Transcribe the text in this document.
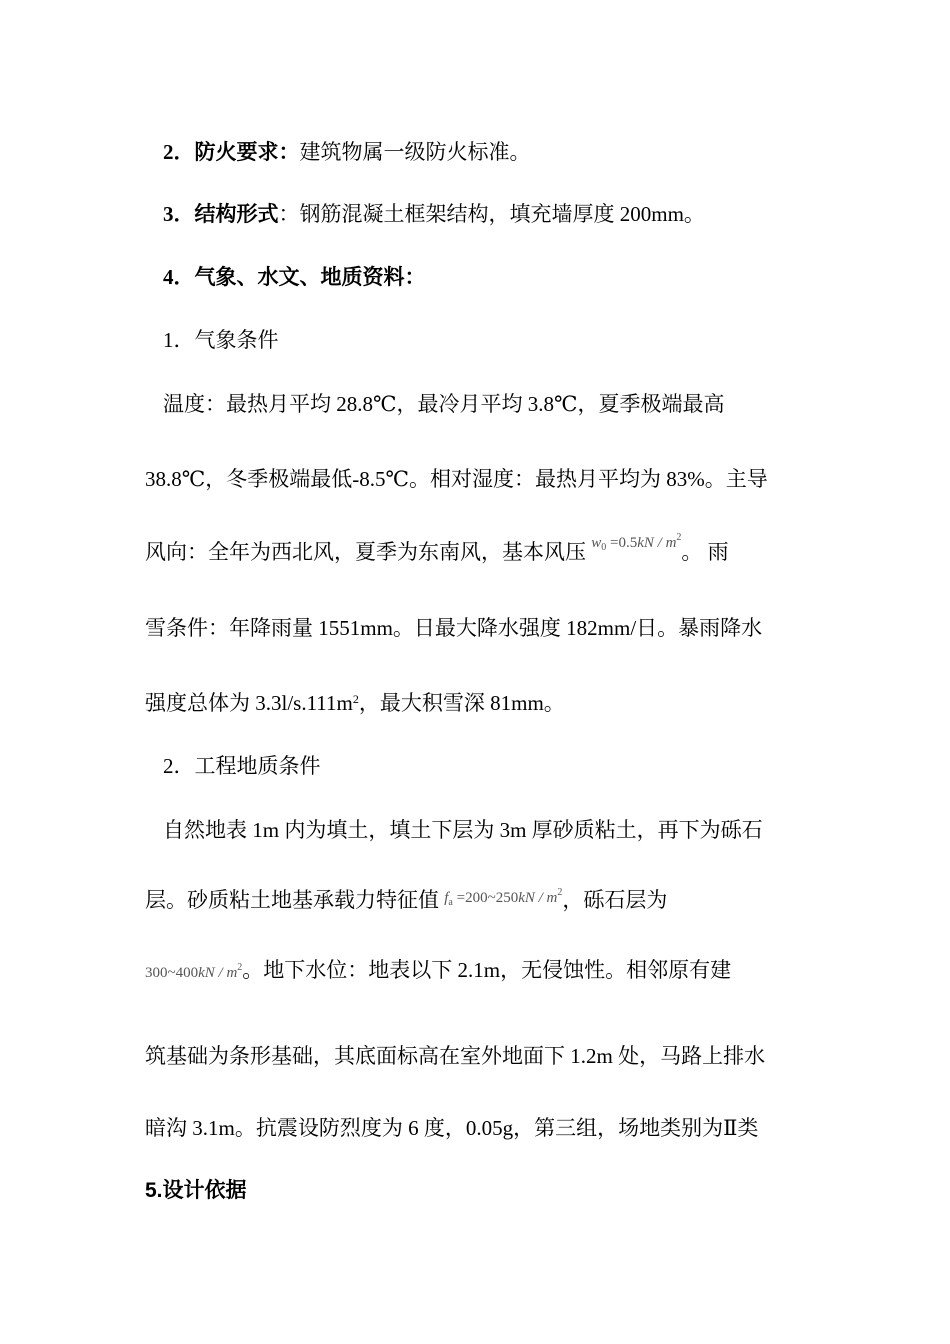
2．防火要求：建筑物属一级防火标准。
3．结构形式：钢筋混凝土框架结构，填充墙厚度 200mm。
4．气象、水文、地质资料：
1．气象条件
温度：最热月平均 28.8℃，最冷月平均 3.8℃，夏季极端最高
38.8℃，冬季极端最低-8.5℃。相对湿度：最热月平均为 83%。主导
风向：全年为西北风，夏季为东南风，基本风压 $w_0 =0.5kN / m^2$。 雨
雪条件：年降雨量 1551mm。日最大降水强度 182mm/日。暴雨降水
强度总体为 $3.3l/s.111m^2$，最大积雪深 81mm。
2．工程地质条件
自然地表 1m 内为填土，填土下层为 3m 厚砂质粘土，再下为砾石
层。砂质粘土地基承载力特征值 $^{f_a =200\sim 250kN / m^2}$，砾石层为
300~400kN / $m^2$。地下水位：地表以下 2.1m，无侵蚀性。相邻原有建
筑基础为条形基础，其底面标高在室外地面下 1.2m 处，马路上排水
暗沟 3.1m。抗震设防烈度为 6 度，0.05g，第三组，场地类别为Ⅱ类
5.设计依据
